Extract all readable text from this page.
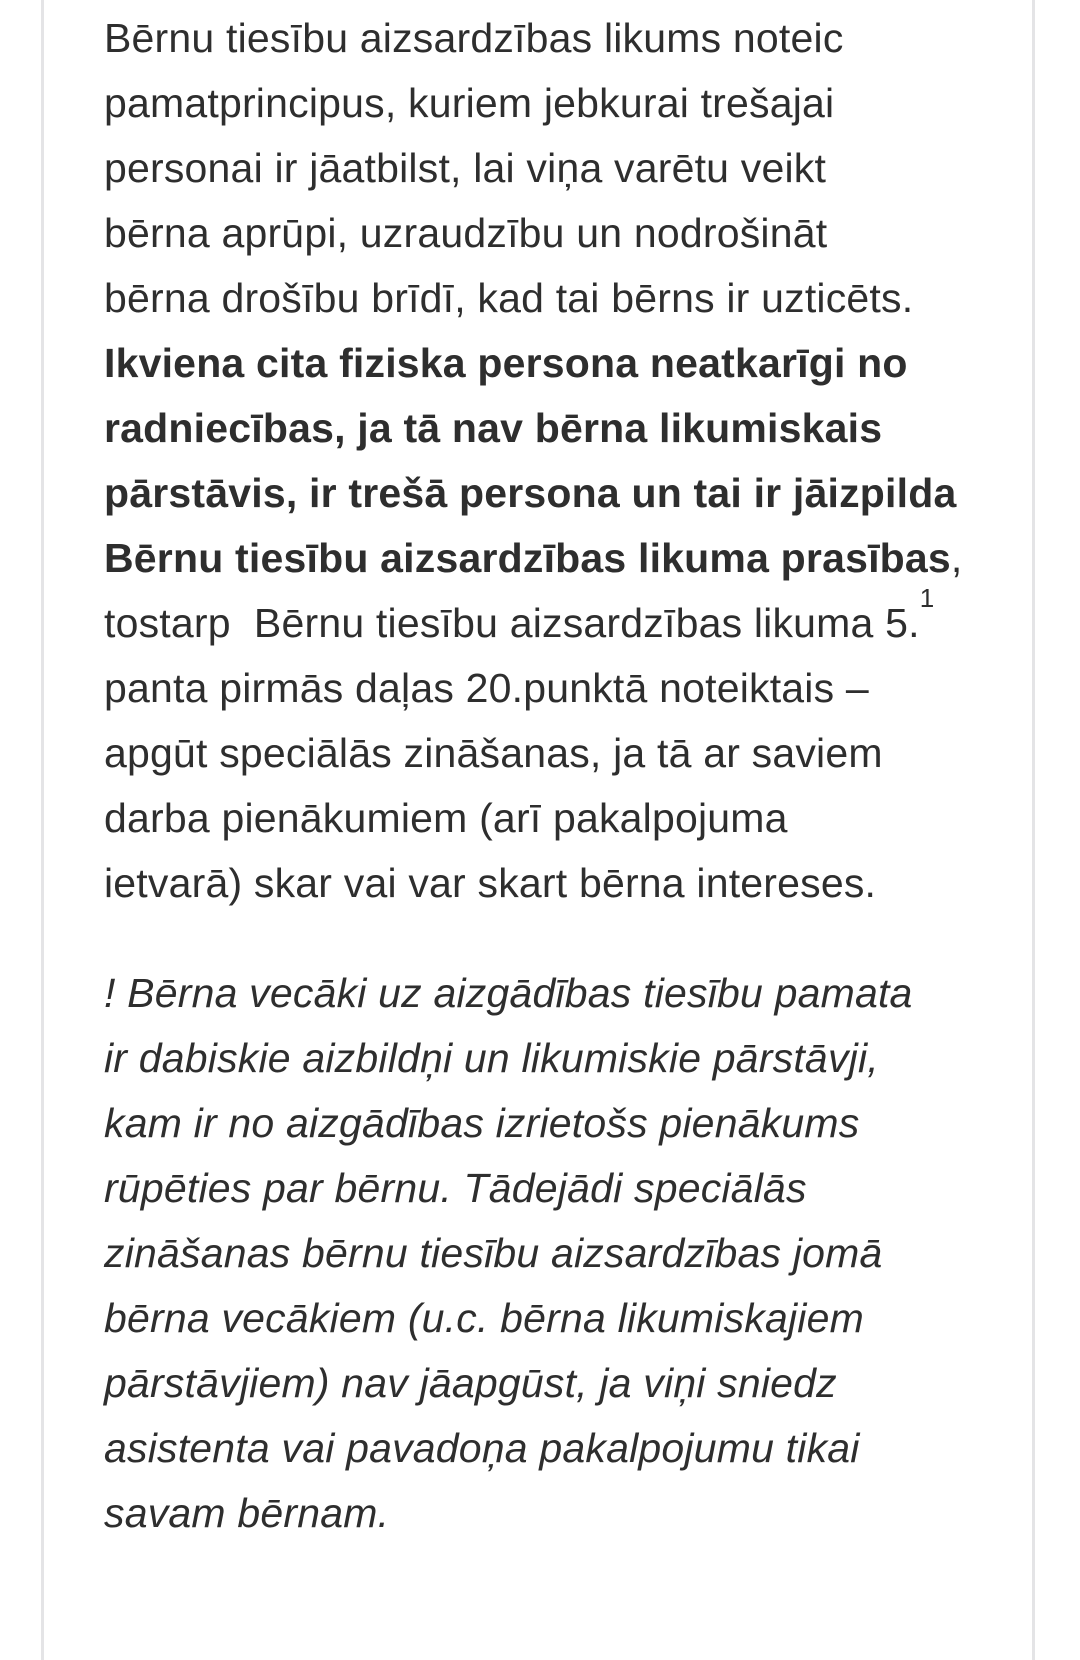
Bērnu tiesību aizsardzības likums noteic
pamatprincipus, kuriem jebkurai trešajai
personai ir jāatbilst, lai viņa varētu veikt
bērna aprūpi, uzraudzību un nodrošināt
bērna drošību brīdī, kad tai bērns ir uzticēts.
Ikviena cita fiziska persona neatkarīgi no
radniecības, ja tā nav bērna likumiskais
pārstāvis, ir trešā persona un tai ir jāizpilda
Bērnu tiesību aizsardzības likuma prasības,
tostarp  Bērnu tiesību aizsardzības likuma 5.$^1$
panta pirmās daļas 20.punktā noteiktais –
apgūt speciālās zināšanas, ja tā ar saviem
darba pienākumiem (arī pakalpojuma
ietvarā) skar vai var skart bērna intereses.
! Bērna vecāki uz aizgādības tiesību pamata
ir dabiskie aizbildņi un likumiskie pārstāvji,
kam ir no aizgādības izrietošs pienākums
rūpēties par bērnu. Tādejādi speciālās
zināšanas bērnu tiesību aizsardzības jomā
bērna vecākiem (u.c. bērna likumiskajiem
pārstāvjiem) nav jāapgūst, ja viņi sniedz
asistenta vai pavadoņa pakalpojumu tikai
savam bērnam.
